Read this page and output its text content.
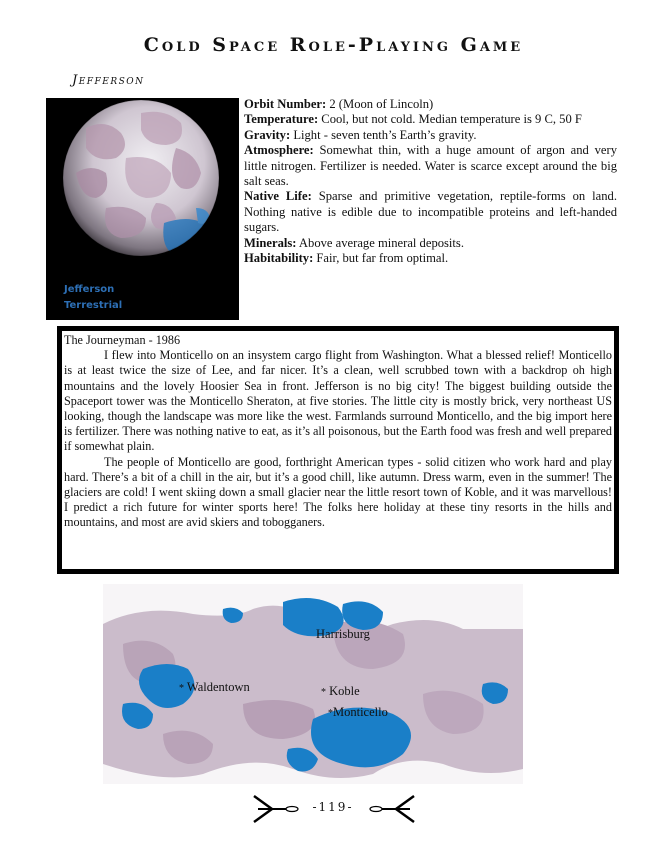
Cold Space Role-Playing Game
Jefferson
Jefferson
Terrestrial

Orbit Number: 2 (Moon of Lincoln)

Temperature: Cool, but not cold. Median temperature is 9 C, 50 F

Gravity: Light - seven tenth’s Earth’s gravity.

Atmosphere: Somewhat thin, with a huge amount of argon and very little nitrogen. Fertilizer is needed. Water is scarce except around the big salt seas.

Native Life: Sparse and primitive vegetation, reptile-forms on land. Nothing native is edible due to incompatible proteins and left-handed sugars.

Minerals: Above average mineral deposits.

Habitability: Fair, but far from optimal.

The Journeyman - 1986

I flew into Monticello on an insystem cargo flight from Washington. What a blessed relief! Monticello is at least twice the size of Lee, and far nicer. It’s a clean, well scrubbed town with a backdrop oh high mountains and the lovely Hoosier Sea in front. Jefferson is no big city! The biggest building outside the Spaceport tower was the Monticello Sheraton, at five stories. The little city is mostly brick, very northeast US looking, though the landscape was more like the west. Farmlands surround Monticello, and the big import here is fertilizer. There was nothing native to eat, as it’s all poisonous, but the Earth food was fresh and well prepared if somewhat plain.

The people of Monticello are good, forthright American types - solid citizen who work hard and play hard. There’s a bit of a chill in the air, but it’s a good chill, like autumn. Dress warm, even in the summer! The glaciers are cold! I went skiing down a small glacier near the little resort town of Koble, and it was marvellous! I predict a rich future for winter sports here! The folks here holiday at these tiny resorts in the hills and mountains, and most are avid skiers and tobogganers.

Harrisburg
* Waldentown	* Koble
*Monticello
-119-
